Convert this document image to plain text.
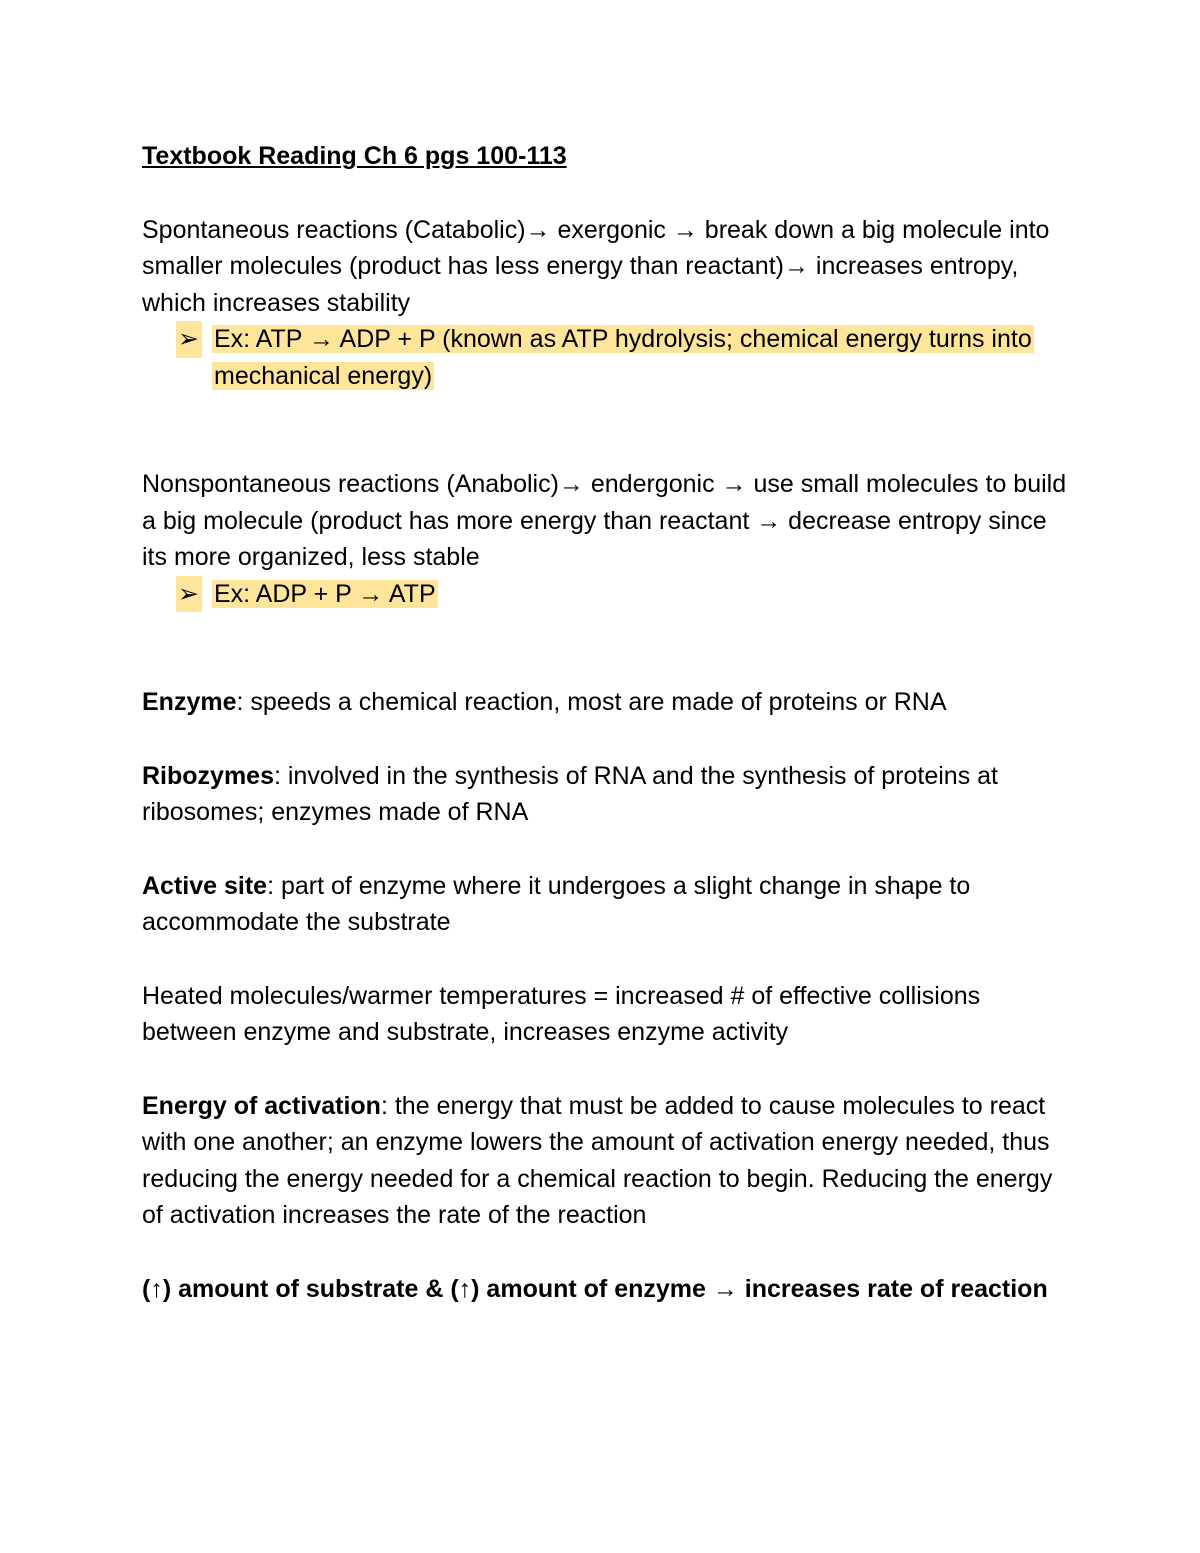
Textbook Reading Ch 6 pgs 100-113

Spontaneous reactions (Catabolic)→ exergonic → break down a big molecule into smaller molecules (product has less energy than reactant)→ increases entropy, which increases stability

➢ Ex: ATP → ADP + P (known as ATP hydrolysis; chemical energy turns into mechanical energy)

Nonspontaneous reactions (Anabolic)→ endergonic → use small molecules to build a big molecule (product has more energy than reactant → decrease entropy since its more organized, less stable

➢ Ex: ADP + P → ATP

Enzyme: speeds a chemical reaction, most are made of proteins or RNA

Ribozymes: involved in the synthesis of RNA and the synthesis of proteins at ribosomes; enzymes made of RNA

Active site: part of enzyme where it undergoes a slight change in shape to accommodate the substrate

Heated molecules/warmer temperatures = increased # of effective collisions between enzyme and substrate, increases enzyme activity

Energy of activation: the energy that must be added to cause molecules to react with one another; an enzyme lowers the amount of activation energy needed, thus reducing the energy needed for a chemical reaction to begin. Reducing the energy of activation increases the rate of the reaction

(↑) amount of substrate & (↑) amount of enzyme → increases rate of reaction
